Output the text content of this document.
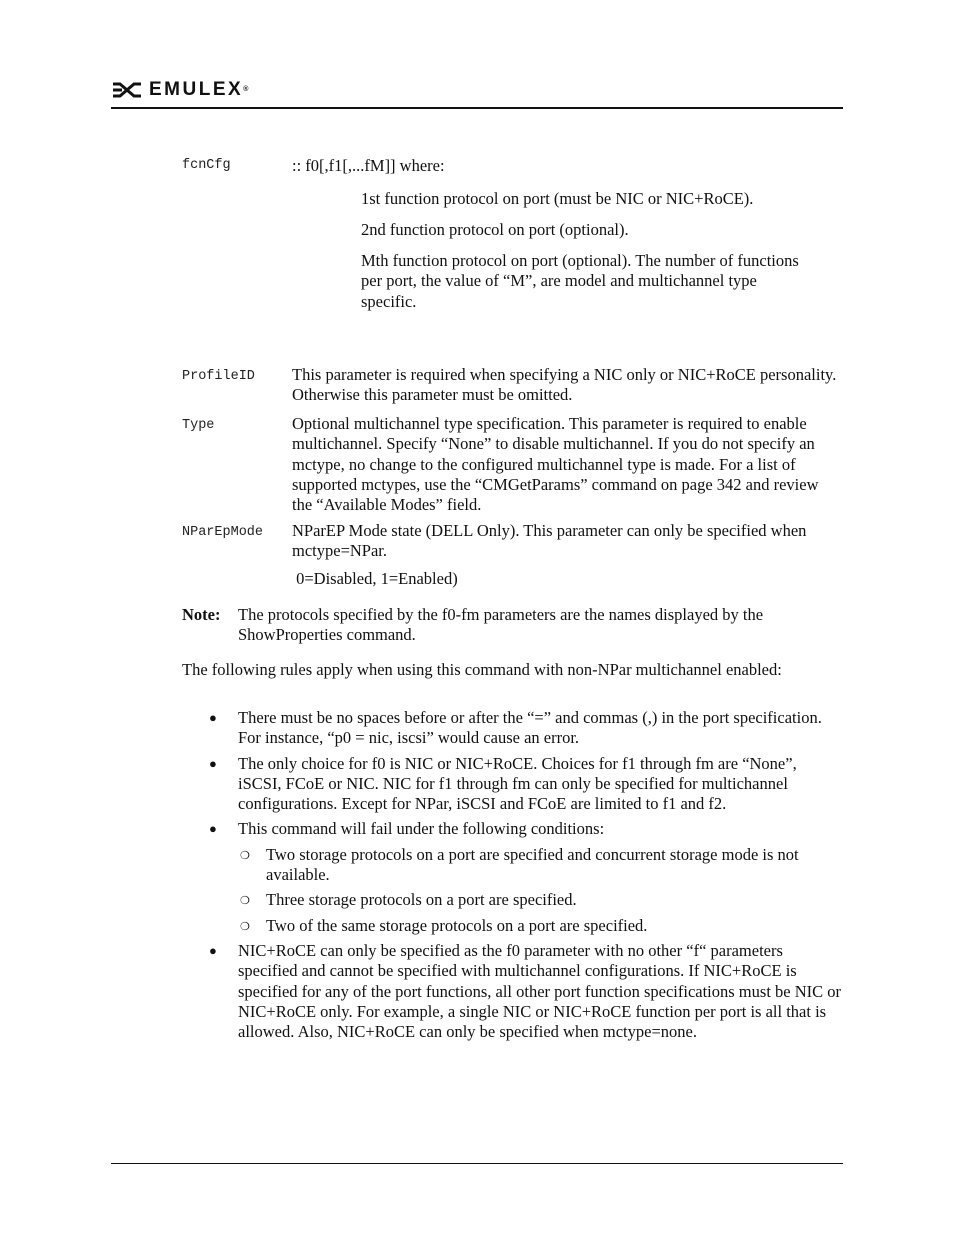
EMULEX®
fcnCfg	:: f0[,f1[,...fM]] where:
1st function protocol on port (must be NIC or NIC+RoCE).
2nd function protocol on port (optional).
Mth function protocol on port (optional). The number of functions per port, the value of “M”, are model and multichannel type specific.
ProfileID This parameter is required when specifying a NIC only or NIC+RoCE personality. Otherwise this parameter must be omitted.
Type	Optional multichannel type specification. This parameter is required to enable multichannel. Specify “None” to disable multichannel. If you do not specify an mctype, no change to the configured multichannel type is made. For a list of supported mctypes, use the “CMGetParams” command on page 342 and review the “Available Modes” field.
NParEpMode NParEP Mode state (DELL Only). This parameter can only be specified when mctype=NPar.
0=Disabled, 1=Enabled)
Note: The protocols specified by the f0-fm parameters are the names displayed by the ShowProperties command.
The following rules apply when using this command with non-NPar multichannel enabled:
● There must be no spaces before or after the “=” and commas (,) in the port specification. For instance, “p0 = nic, iscsi” would cause an error.
● The only choice for f0 is NIC or NIC+RoCE. Choices for f1 through fm are “None”, iSCSI, FCoE or NIC. NIC for f1 through fm can only be specified for multichannel configurations. Except for NPar, iSCSI and FCoE are limited to f1 and f2.
● This command will fail under the following conditions:
❍ Two storage protocols on a port are specified and concurrent storage mode is not available.
❍ Three storage protocols on a port are specified.
❍ Two of the same storage protocols on a port are specified.
● NIC+RoCE can only be specified as the f0 parameter with no other “f“ parameters specified and cannot be specified with multichannel configurations. If NIC+RoCE is specified for any of the port functions, all other port function specifications must be NIC or NIC+RoCE only. For example, a single NIC or NIC+RoCE function per port is all that is allowed. Also, NIC+RoCE can only be specified when mctype=none.
